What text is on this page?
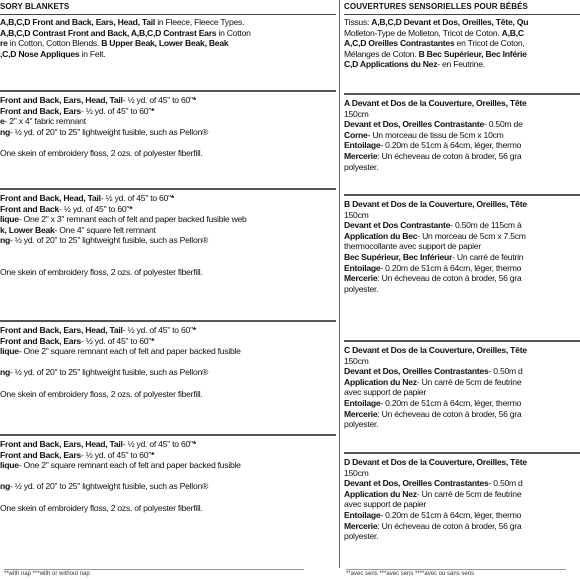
SORY BLANKETS
A,B,C,D Front and Back, Ears, Head, Tail in Fleece, Fleece Types.
A,B,C,D Contrast Front and Back, A,B,C,D Contrast Ears in Cotton
re in Cotton, Cotton Blends. B Upper Beak, Lower Beak, Beak
,C,D Nose Appliques in Felt.
Front and Back, Ears, Head, Tail- ½ yd. of 45" to 60"*
Front and Back, Ears- ½ yd. of 45" to 60"*
e- 2" x 4" fabric remnant
ng- ½ yd. of 20" to 25" lightweight fusible, such as Pellon®
One skein of embroidery floss, 2 ozs. of polyester fiberfill.
Front and Back, Head, Tail- ½ yd. of 45" to 60"*
Front and Back- ½ yd. of 45" to 60"*
lique- One 2" x 3" remnant each of felt and paper backed fusible web
k, Lower Beak- One 4" square felt remnant
ng- ½ yd. of 20" to 25" lightweight fusible, such as Pellon®
One skein of embroidery floss, 2 ozs. of polyester fiberfill.
Front and Back, Ears, Head, Tail- ½ yd. of 45" to 60"*
Front and Back, Ears- ½ yd. of 45" to 60"*
lique- One 2" square remnant each of felt and paper backed fusible
ng- ½ yd. of 20" to 25" lightweight fusible, such as Pellon®
One skein of embroidery floss, 2 ozs. of polyester fiberfill.
Front and Back, Ears, Head, Tail- ½ yd. of 45" to 60"*
Front and Back, Ears- ½ yd. of 45" to 60"*
lique- One 2" square remnant each of felt and paper backed fusible
ng- ½ yd. of 20" to 25" lightweight fusible, such as Pellon®
One skein of embroidery floss, 2 ozs. of polyester fiberfill.
**with nap ***with or without nap
COUVERTURES SENSORIELLES POUR BÉBÉS
Tissus: A,B,C,D Devant et Dos, Oreilles, Tête, Qu
Molleton-Type de Molleton, Tricot de Coton. A,B,C
A,C,D Oreilles Contrastantes en Tricot de Coton,
Mélanges de Coton. B Bec Supérieur, Bec Inférie
C,D Applications du Nez- en Feutrine.
A Devant et Dos de la Couverture, Oreilles, Tête
150cm
Devant et Dos, Oreilles Contrastante- 0.50m de
Corne- Un morceau de tissu de 5cm x 10cm
Entoilage- 0.20m de 51cm à 64cm, léger, thermo
Mercerie: Un écheveau de coton à broder, 56 gra
polyester.
B Devant et Dos de la Couverture, Oreilles, Tête
150cm
Devant et Dos Contrastante- 0.50m de 115cm à
Application du Bec- Un morceau de 5cm x 7.5cm
thermocollante avec support de papier
Bec Supérieur, Bec Inférieur- Un carré de feutrin
Entoilage- 0.20m de 51cm à 64cm, léger, thermo
Mercerie: Un écheveau de coton à broder, 56 gra
polyester.
C Devant et Dos de la Couverture, Oreilles, Tête
150cm
Devant et Dos, Oreilles Contrastantes- 0.50m d
Application du Nez- Un carré de 5cm de feutrine
avec support de papier
Entoilage- 0.20m de 51cm à 64cm, léger, thermo
Mercerie: Un écheveau de coton à broder, 56 gra
polyester.
D Devant et Dos de la Couverture, Oreilles, Tête
150cm
Devant et Dos, Oreilles Contrastantes- 0.50m d
Application du Nez- Un carré de 5cm de feutrine
avec support de papier
Entoilage- 0.20m de 51cm à 64cm, léger, thermo
Mercerie: Un écheveau de coton à broder, 56 gra
polyester.
**avec sens ***avec sens ****avec ou sans sens
